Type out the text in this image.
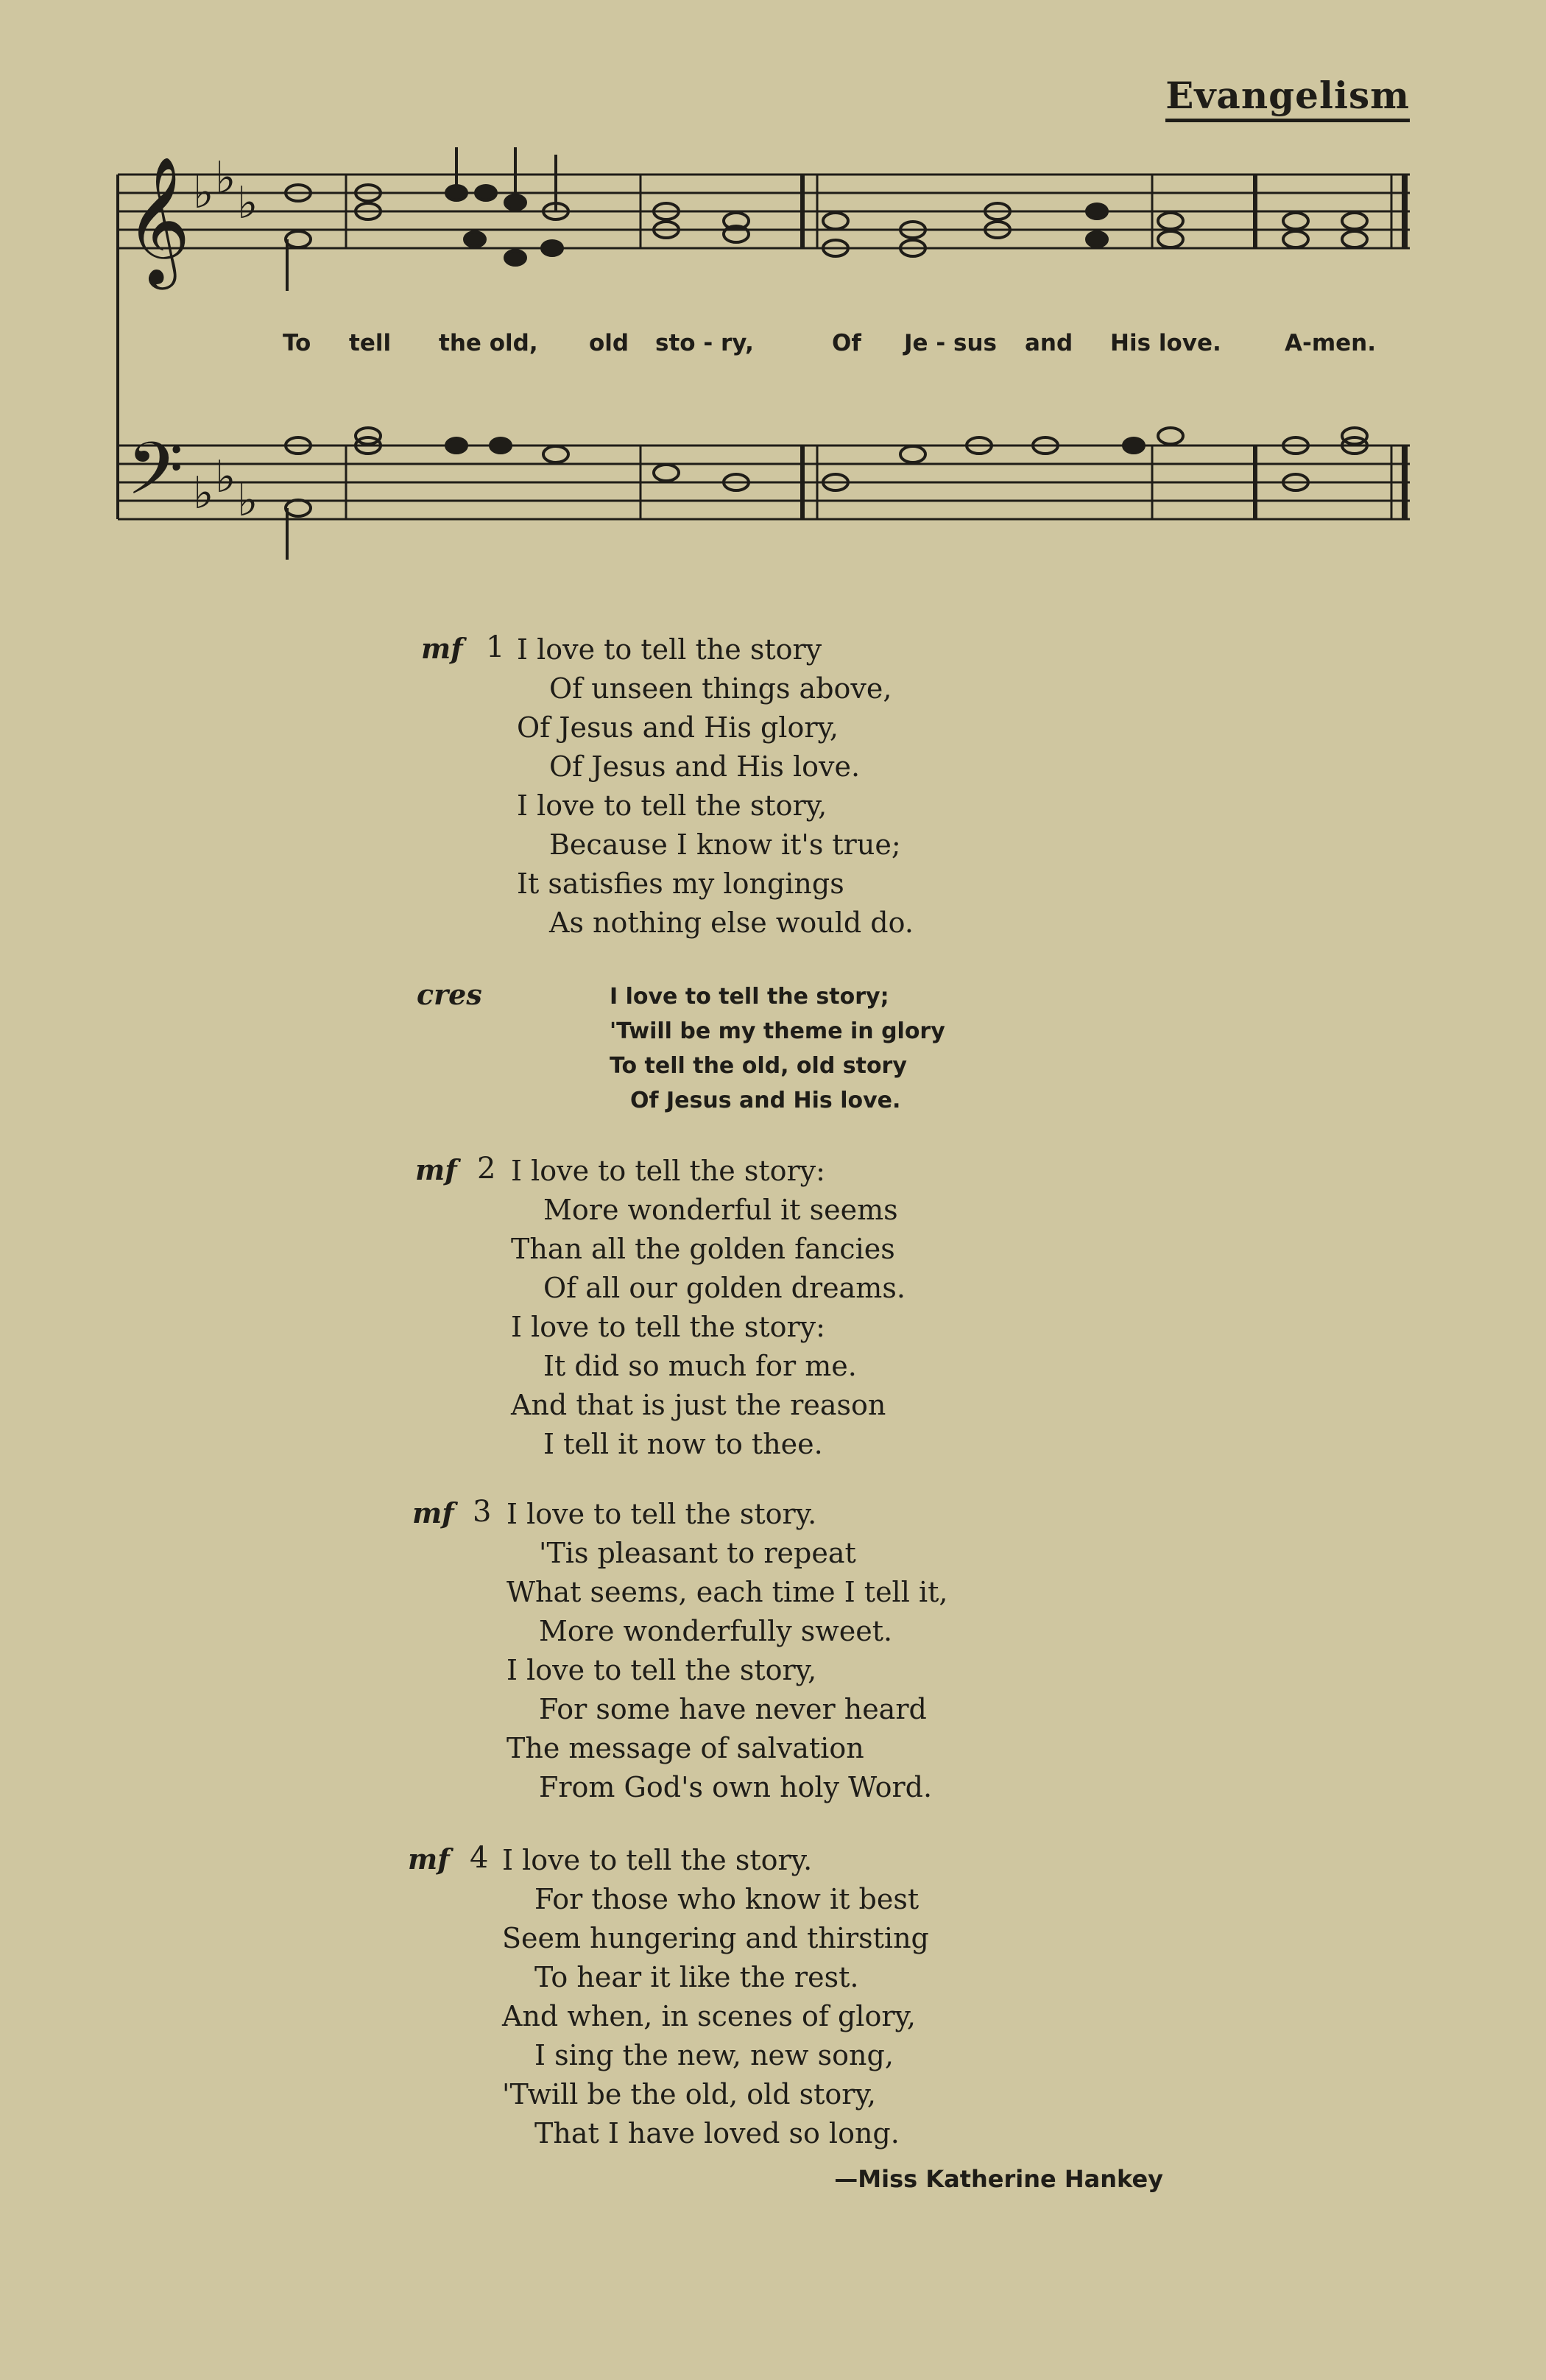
Evangelism
𝄞 ♭ ♭ ♭
𝄢 ♭ ♭ ♭
To tell the old, old sto - ry,	Of Je - sus and His love.	A-men.
mf 1 I love to tell the story
Of unseen things above,
Of Jesus and His glory,
Of Jesus and His love.
I love to tell the story,
Because I know it's true;
It satisfies my longings
As nothing else would do.
cres	I love to tell the story;
'Twill be my theme in glory
To tell the old, old story
Of Jesus and His love.
mf 2 I love to tell the story:
More wonderful it seems
Than all the golden fancies
Of all our golden dreams.
I love to tell the story:
It did so much for me.
And that is just the reason
I tell it now to thee.
mf 3 I love to tell the story.
'Tis pleasant to repeat
What seems, each time I tell it,
More wonderfully sweet.
I love to tell the story,
For some have never heard
The message of salvation
From God's own holy Word.
mf 4 I love to tell the story.
For those who know it best
Seem hungering and thirsting
To hear it like the rest.
And when, in scenes of glory,
I sing the new, new song,
'Twill be the old, old story,
That I have loved so long.
—Miss Katherine Hankey
